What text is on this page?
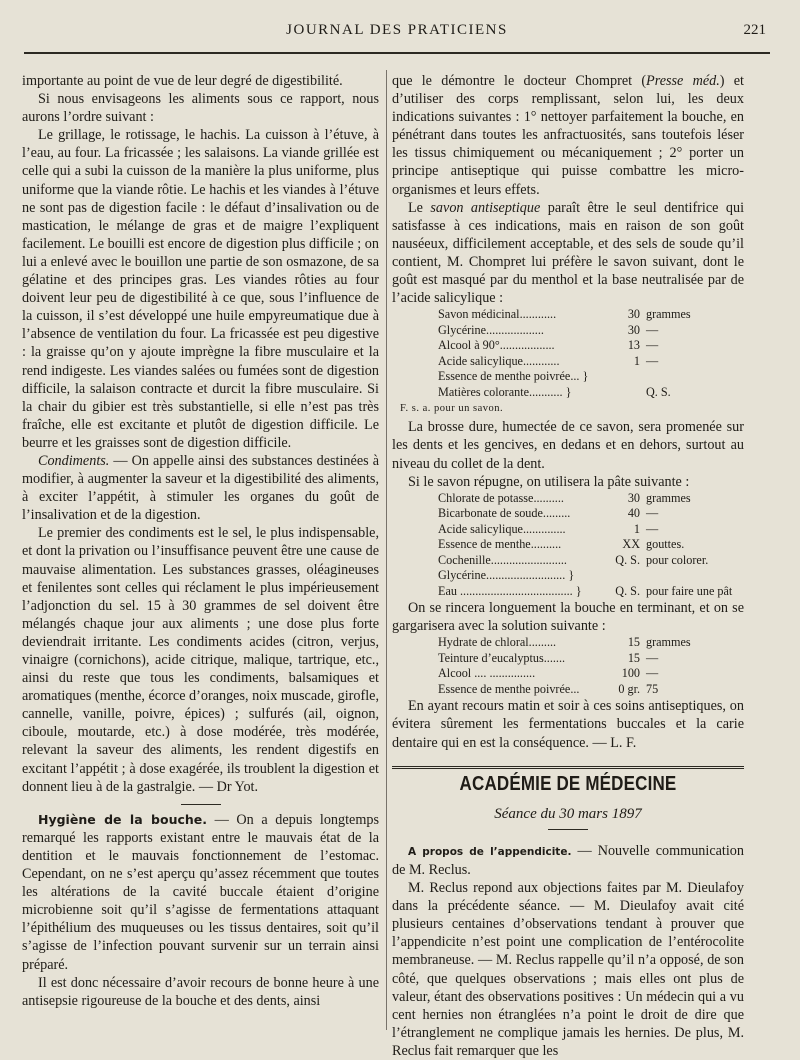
JOURNAL DES PRATICIENS	221

importante au point de vue de leur degré de digestibilité.

Si nous envisageons les aliments sous ce rapport, nous aurons l’ordre suivant :

Le grillage, le rotissage, le hachis. La cuisson à l’étuve, à l’eau, au four. La fricassée ; les salaisons. La viande grillée est celle qui a subi la cuisson de la manière la plus uniforme, plus uniforme que la viande rôtie. Le hachis et les viandes à l’étuve ne sont pas de digestion facile : le défaut d’insalivation ou de mastication, le mélange de gras et de maigre l’expliquent facilement. Le bouilli est encore de digestion plus difficile ; on lui a enlevé avec le bouillon une partie de son osmazone, de sa gélatine et des principes gras. Les viandes rôties au four doivent leur peu de digestibilité à ce que, sous l’influence de la cuisson, il s’est développé une huile empyreumatique due à l’absence de ventilation du four. La fricassée est peu digestive : la graisse qu’on y ajoute imprègne la fibre musculaire et la rend indigeste. Les viandes salées ou fumées sont de digestion difficile, la salaison contracte et durcit la fibre musculaire. Si la chair du gibier est très substantielle, si elle n’est pas très fraîche, elle est excitante et plutôt de digestion difficile. Le beurre et les graisses sont de digestion difficile.

Condiments. — On appelle ainsi des substances destinées à modifier, à augmenter la saveur et la digestibilité des aliments, à exciter l’appétit, à stimuler les organes du goût de l’insalivation et de la digestion.

Le premier des condiments est le sel, le plus indispensable, et dont la privation ou l’insuffisance peuvent être une cause de mauvaise alimentation. Les substances grasses, oléagineuses et fenilentes sont celles qui réclament le plus impérieusement l’adjonction du sel. 15 à 30 grammes de sel doivent être mélangés chaque jour aux aliments ; une dose plus forte deviendrait irritante. Les condiments acides (citron, verjus, vinaigre (cornichons), acide citrique, malique, tartrique, etc., ainsi du reste que tous les condiments, balsamiques et aromatiques (menthe, écorce d’oranges, noix muscade, girofle, cannelle, vanille, poivre, épices) ; sulfurés (ail, oignon, ciboule, moutarde, etc.) à dose modérée, très modérée, relevant la saveur des aliments, les rendent digestifs en excitant l’appétit ; à dose exagérée, ils troublent la digestion et donnent lieu à de la gastralgie. — Dr Yot.

Hygiène de la bouche. — On a depuis longtemps remarqué les rapports existant entre le mauvais état de la dentition et le mauvais fonctionnement de l’estomac. Cependant, on ne s’est aperçu qu’assez récemment que toutes les altérations de la cavité buccale étaient d’origine microbienne soit qu’il s’agisse de fermentations attaquant l’épithélium des muqueuses ou les tissus dentaires, soit qu’il s’agisse de l’infection pouvant survenir sur un terrain ainsi préparé.

Il est donc nécessaire d’avoir recours de bonne heure à une antisepsie rigoureuse de la bouche et des dents, ainsi

que le démontre le docteur Chompret (Presse méd.) et d’utiliser des corps remplissant, selon lui, les deux indications suivantes : 1° nettoyer parfaitement la bouche, en pénétrant dans toutes les anfractuosités, sans toutefois léser les tissus chimiquement ou mécaniquement ; 2° porter un principe antiseptique qui puisse combattre les micro-organismes et leurs effets.

Le savon antiseptique paraît être le seul dentifrice qui satisfasse à ces indications, mais en raison de son goût nauséeux, difficilement acceptable, et des sels de soude qu’il contient, M. Chompret lui préfère le savon suivant, dont le goût est masqué par du menthol et la base neutralisée par de l’acide salicylique :

Savon médicinal............	30	grammes
Glycérine...................	30	—
Alcool à 90°..................	13	—
Acide salicylique............	1	—
Essence de menthe poivrée... }		
Matières colorante........... }		Q. S.
F. s. a. pour un savon.

La brosse dure, humectée de ce savon, sera promenée sur les dents et les gencives, en dedans et en dehors, surtout au niveau du collet de la dent.

Si le savon répugne, on utilisera la pâte suivante :

Chlorate de potasse..........	30	grammes
Bicarbonate de soude.........	40	—
Acide salicylique..............	1	—
Essence de menthe..........	XX	gouttes.
Cochenille.........................	Q. S.	pour colorer.
Glycérine.......................... }		
Eau ..................................... }	Q. S.	pour faire une pât

On se rincera longuement la bouche en terminant, et on se gargarisera avec la solution suivante :

Hydrate de chloral.........	15	grammes
Teinture d’eucalyptus.......	15	—
Alcool .... ...............	100	—
Essence de menthe poivrée...	0 gr.	75

En ayant recours matin et soir à ces soins antiseptiques, on évitera sûrement les fermentations buccales et la carie dentaire qui en est la conséquence. — L. F.

ACADÉMIE DE MÉDECINE
Séance du 30 mars 1897

A propos de l’appendicite. — Nouvelle communication de M. Reclus.

M. Reclus repond aux objections faites par M. Dieulafoy dans la précédente séance. — M. Dieulafoy avait cité plusieurs centaines d’observations tendant à prouver que l’appendicite n’est point une complication de l’entérocolite membraneuse. — M. Reclus rappelle qu’il n’a opposé, de son côté, que quelques observations ; mais elles ont plus de valeur, étant des observations positives : Un médecin qui a vu cent hernies non étranglées n’a point le droit de dire que l’étranglement ne complique jamais les hernies. De plus, M. Reclus fait remarquer que les
